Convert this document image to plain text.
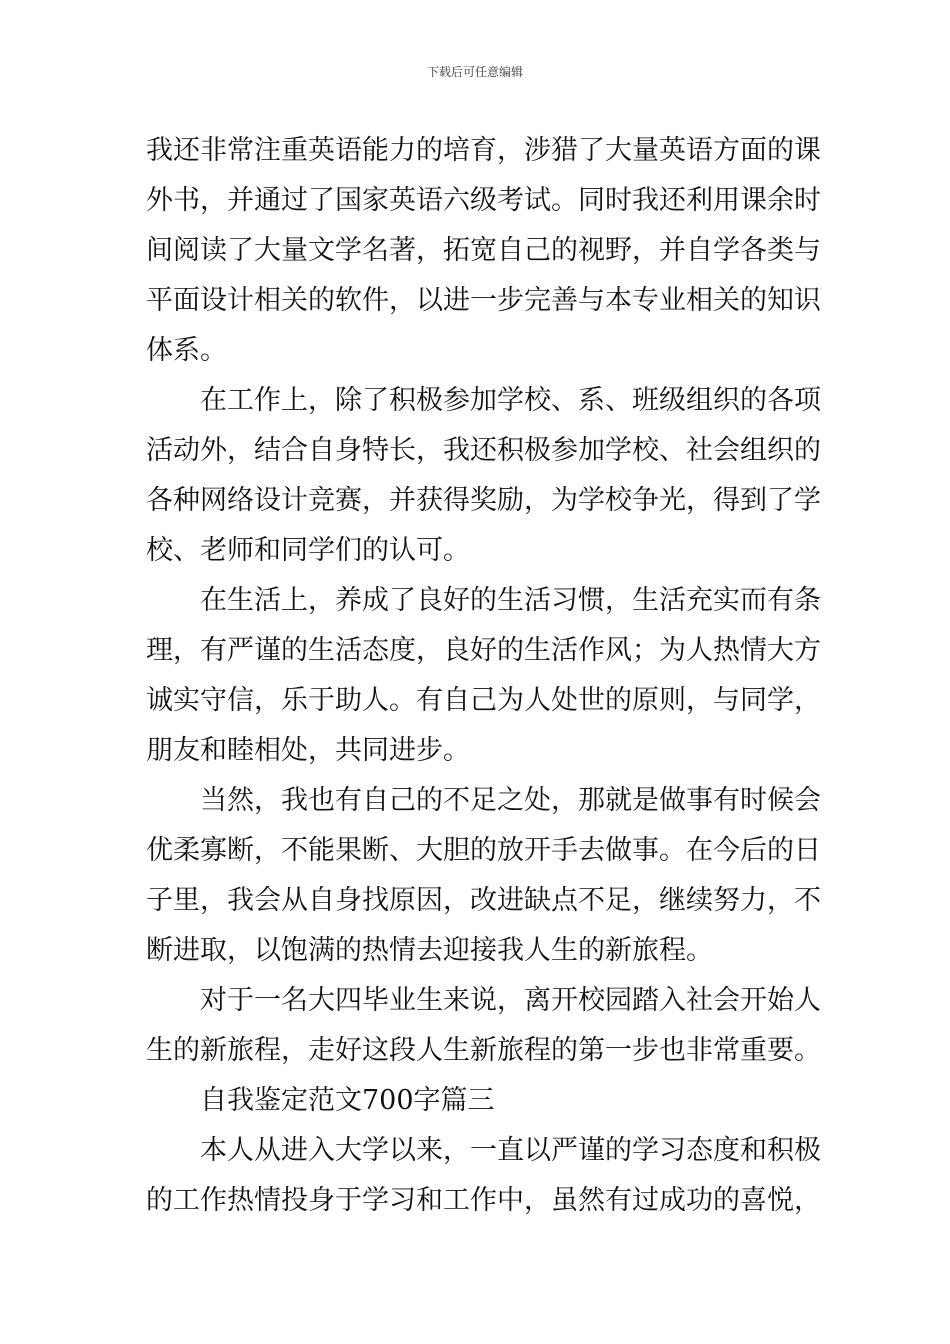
下载后可任意编辑
我 还 非 常 注 重 英 语 能 力 的 培 育 ， 涉 猎 了 大 量 英 语 方 面 的 课
外 书 ， 并 通 过 了 国 家 英 语 六 级 考 试 。 同 时 我 还 利 用 课 余 时
间 阅 读 了 大 量 文 学 名 著 ， 拓 宽 自 己 的 视 野 ， 并 自 学 各 类 与
平 面 设 计 相 关 的 软 件 ， 以 进 一 步 完 善 与 本 专 业 相 关 的 知 识
体系。
在 工 作 上 ， 除 了 积 极 参 加 学 校 、 系 、 班 级 组 织 的 各 项
活 动 外 ， 结 合 自 身 特 长 ， 我 还 积 极 参 加 学 校 、 社 会 组 织 的
各 种 网 络 设 计 竞 赛 ， 并 获 得 奖 励 ， 为 学 校 争 光 ， 得 到 了 学
校、老师和同学们的认可。
在 生 活 上 ， 养 成 了 良 好 的 生 活 习 惯 ， 生 活 充 实 而 有 条
理 ， 有 严 谨 的 生 活 态 度 ， 良 好 的 生 活 作 风 ； 为 人 热 情 大 方
诚 实 守 信 ， 乐 于 助 人 。 有 自 己 为 人 处 世 的 原 则 ， 与 同 学 ，
朋友和睦相处，共同进步。
当 然 ， 我 也 有 自 己 的 不 足 之 处 ， 那 就 是 做 事 有 时 候 会
优 柔 寡 断 ， 不 能 果 断 、 大 胆 的 放 开 手 去 做 事 。 在 今 后 的 日
子 里 ， 我 会 从 自 身 找 原 因 ， 改 进 缺 点 不 足 ， 继 续 努 力 ， 不
断进取，以饱满的热情去迎接我人生的新旅程。
对 于 一 名 大 四 毕 业 生 来 说 ， 离 开 校 园 踏 入 社 会 开 始 人
生 的 新 旅 程 ， 走 好 这 段 人 生 新 旅 程 的 第 一 步 也 非 常 重 要 。
自我鉴定范文700字篇三
本 人 从 进 入 大 学 以 来 ， 一 直 以 严 谨 的 学 习 态 度 和 积 极
的 工 作 热 情 投 身 于 学 习 和 工 作 中 ， 虽 然 有 过 成 功 的 喜 悦 ，
